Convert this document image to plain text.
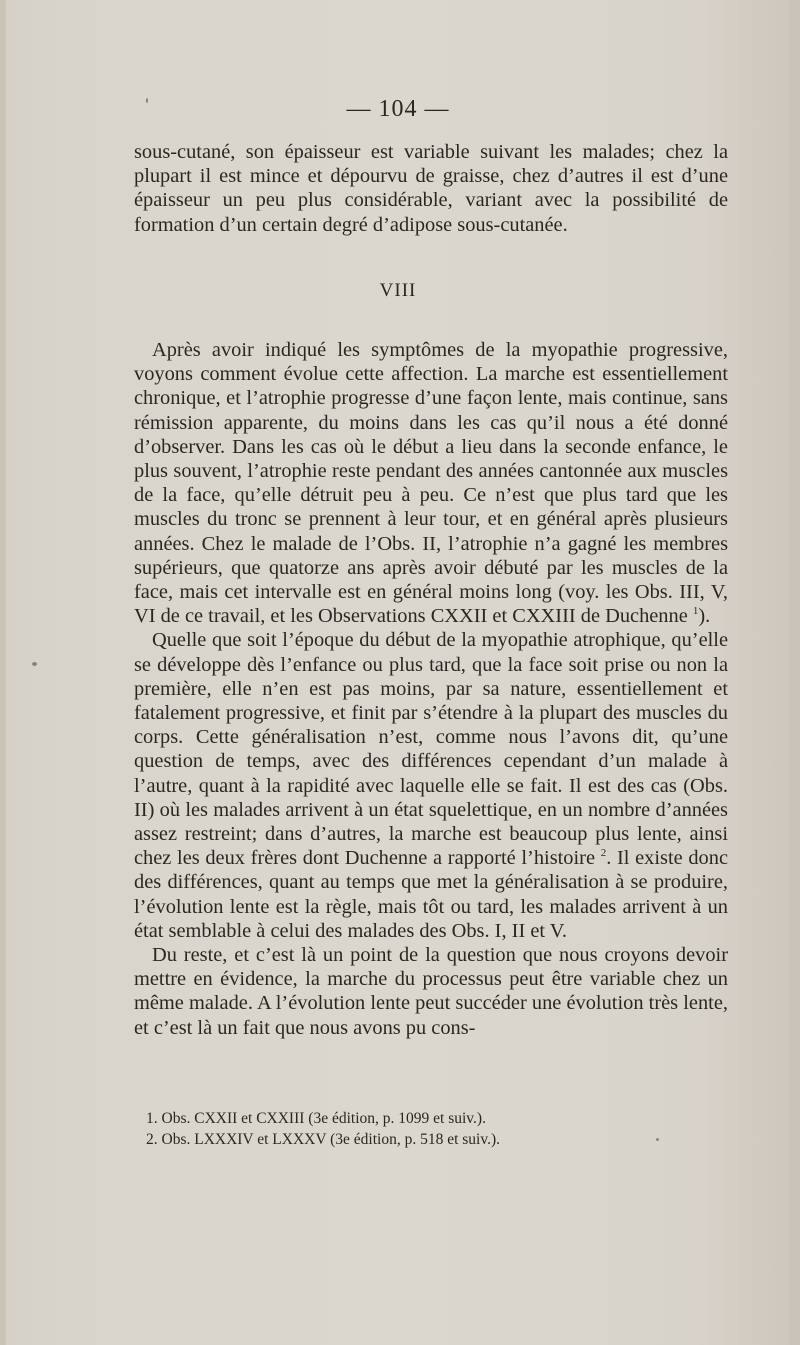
— 104 —

sous-cutané, son épaisseur est variable suivant les malades; chez la plupart il est mince et dépourvu de graisse, chez d’autres il est d’une épaisseur un peu plus considérable, variant avec la possibilité de formation d’un certain degré d’adipose sous-cutanée.

VIII

Après avoir indiqué les symptômes de la myopathie progressive, voyons comment évolue cette affection. La marche est essentiellement chronique, et l’atrophie progresse d’une façon lente, mais continue, sans rémission apparente, du moins dans les cas qu’il nous a été donné d’observer. Dans les cas où le début a lieu dans la seconde enfance, le plus souvent, l’atrophie reste pendant des années cantonnée aux muscles de la face, qu’elle détruit peu à peu. Ce n’est que plus tard que les muscles du tronc se prennent à leur tour, et en général après plusieurs années. Chez le malade de l’Obs. II, l’atrophie n’a gagné les membres supérieurs, que quatorze ans après avoir débuté par les muscles de la face, mais cet intervalle est en général moins long (voy. les Obs. III, V, VI de ce travail, et les Observations CXXII et CXXIII de Duchenne $^1$).

Quelle que soit l’époque du début de la myopathie atrophique, qu’elle se développe dès l’enfance ou plus tard, que la face soit prise ou non la première, elle n’en est pas moins, par sa nature, essentiellement et fatalement progressive, et finit par s’étendre à la plupart des muscles du corps. Cette généralisation n’est, comme nous l’avons dit, qu’une question de temps, avec des différences cependant d’un malade à l’autre, quant à la rapidité avec laquelle elle se fait. Il est des cas (Obs. II) où les malades arrivent à un état squelettique, en un nombre d’années assez restreint; dans d’autres, la marche est beaucoup plus lente, ainsi chez les deux frères dont Duchenne a rapporté l’histoire $^2$. Il existe donc des différences, quant au temps que met la généralisation à se produire, l’évolution lente est la règle, mais tôt ou tard, les malades arrivent à un état semblable à celui des malades des Obs. I, II et V.

Du reste, et c’est là un point de la question que nous croyons devoir mettre en évidence, la marche du processus peut être variable chez un même malade. A l’évolution lente peut succéder une évolution très lente, et c’est là un fait que nous avons pu cons-

1. Obs. CXXII et CXXIII (3e édition, p. 1099 et suiv.).
2. Obs. LXXXIV et LXXXV (3e édition, p. 518 et suiv.).
